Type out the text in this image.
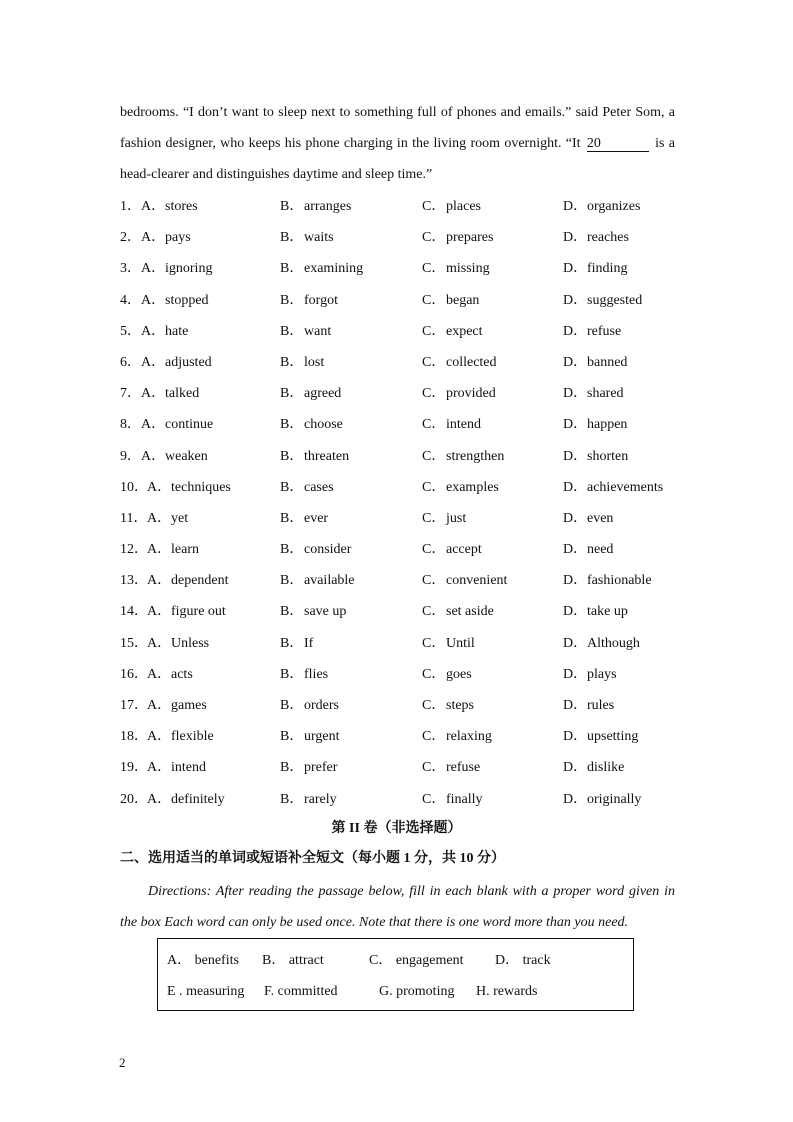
bedrooms. “I don’t want to sleep next to something full of phones and emails.” said Peter Som, a
fashion designer, who keeps his phone charging in the living room overnight. “It 20	is a
head-clearer and distinguishes daytime and sleep time.”
1． A．stores	B．arranges	C．places	D．organizes
2． A．pays	B．waits	C．prepares	D．reaches
3． A．ignoring	B．examining	C．missing	D．finding
4． A．stopped	B．forgot	C．began	D．suggested
5． A．hate	B．want	C．expect	D．refuse
6． A．adjusted	B．lost	C．collected	D．banned
7． A．talked	B．agreed	C．provided	D．shared
8． A．continue	B．choose	C．intend	D．happen
9． A．weaken	B．threaten	C．strengthen	D．shorten
10． A．techniques	B．cases	C．examples	D．achievements
11． A．yet	B．ever	C．just	D．even
12． A．learn	B．consider	C．accept	D．need
13． A．dependent	B．available	C．convenient	D．fashionable
14． A．figure out	B．save up	C．set aside	D．take up
15． A．Unless	B．If	C．Until	D．Although
16． A．acts	B．flies	C．goes	D．plays
17． A．games	B．orders	C．steps	D．rules
18． A．flexible	B．urgent	C．relaxing	D．upsetting
19． A．intend	B．prefer	C．refuse	D．dislike
20． A．definitely	B．rarely	C．finally	D．originally
第 II 卷（非选择题）
二、选用适当的单词或短语补全短文（每小题 1 分，共 10 分）
Directions: After reading the passage below, fill in each blank with a proper word given in
the box Each word can only be used once. Note that there is one word more than you need.
A． benefits B． attract	C． engagement D． track
E . measuring F. committed	G. promoting H. rewards
2
